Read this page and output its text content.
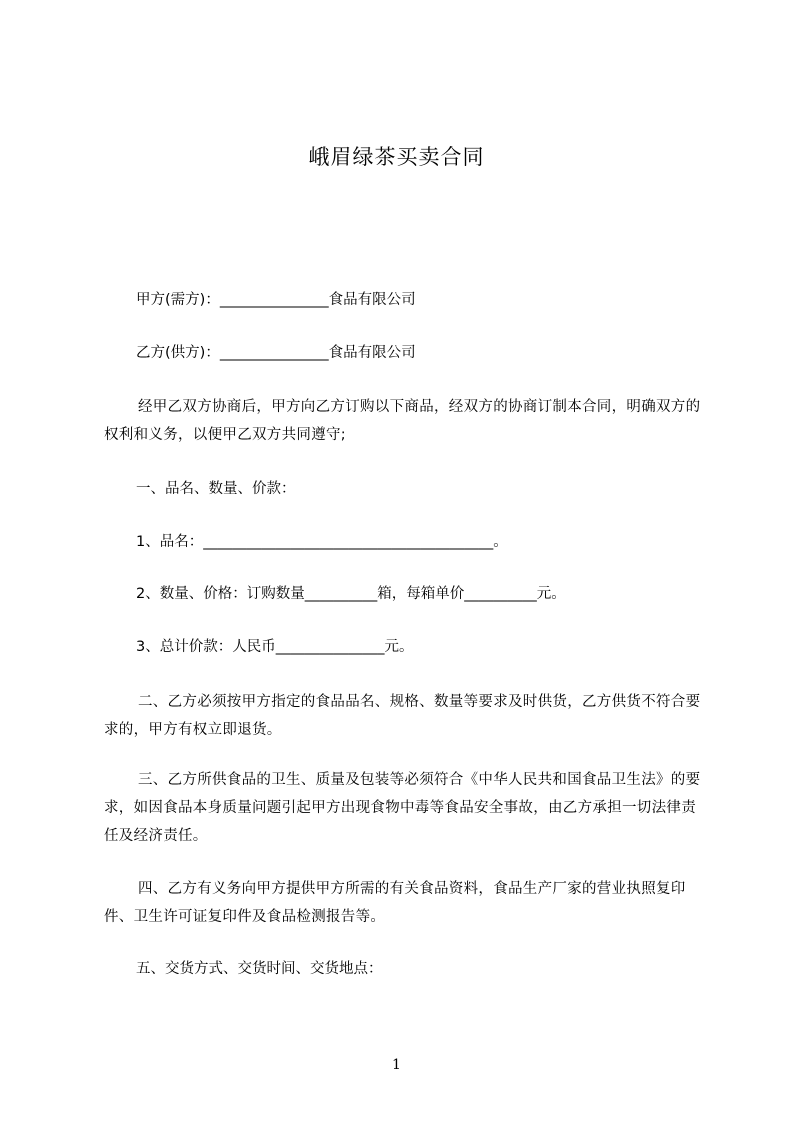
峨眉绿茶买卖合同
甲方(需方)：_______________食品有限公司
乙方(供方)：_______________食品有限公司
经甲乙双方协商后，甲方向乙方订购以下商品，经双方的协商订制本合同，明确双方的权利和义务，以便甲乙双方共同遵守;
一、品名、数量、价款：
1、品名：________________________________________。
2、数量、价格：订购数量__________箱，每箱单价__________元。
3、总计价款：人民币_______________元。
二、乙方必须按甲方指定的食品品名、规格、数量等要求及时供货，乙方供货不符合要求的，甲方有权立即退货。
三、乙方所供食品的卫生、质量及包装等必须符合《中华人民共和国食品卫生法》的要求，如因食品本身质量问题引起甲方出现食物中毒等食品安全事故，由乙方承担一切法律责任及经济责任。
四、乙方有义务向甲方提供甲方所需的有关食品资料，食品生产厂家的营业执照复印件、卫生许可证复印件及食品检测报告等。
五、交货方式、交货时间、交货地点：
1
